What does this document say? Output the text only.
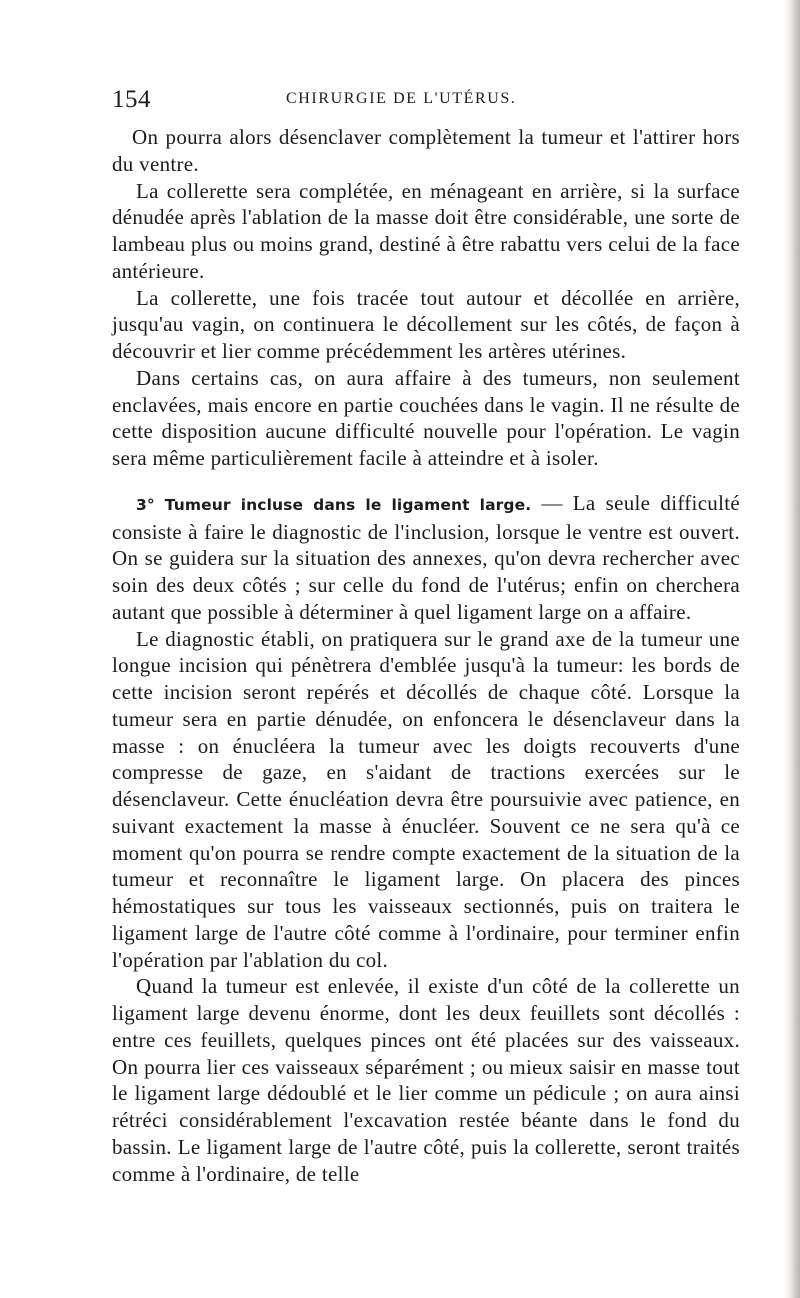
154	CHIRURGIE DE L'UTÉRUS.

On pourra alors désenclaver complètement la tumeur et l'attirer hors du ventre.

La collerette sera complétée, en ménageant en arrière, si la surface dénudée après l'ablation de la masse doit être considérable, une sorte de lambeau plus ou moins grand, destiné à être rabattu vers celui de la face antérieure.

La collerette, une fois tracée tout autour et décollée en arrière, jusqu'au vagin, on continuera le décollement sur les côtés, de façon à découvrir et lier comme précédemment les artères utérines.

Dans certains cas, on aura affaire à des tumeurs, non seulement enclavées, mais encore en partie couchées dans le vagin. Il ne résulte de cette disposition aucune difficulté nouvelle pour l'opération. Le vagin sera même particulièrement facile à atteindre et à isoler.

3° Tumeur incluse dans le ligament large. — La seule difficulté consiste à faire le diagnostic de l'inclusion, lorsque le ventre est ouvert. On se guidera sur la situation des annexes, qu'on devra rechercher avec soin des deux côtés ; sur celle du fond de l'utérus; enfin on cherchera autant que possible à déterminer à quel ligament large on a affaire.

Le diagnostic établi, on pratiquera sur le grand axe de la tumeur une longue incision qui pénètrera d'emblée jusqu'à la tumeur: les bords de cette incision seront repérés et décollés de chaque côté. Lorsque la tumeur sera en partie dénudée, on enfoncera le désenclaveur dans la masse : on énucléera la tumeur avec les doigts recouverts d'une compresse de gaze, en s'aidant de tractions exercées sur le désenclaveur. Cette énucléation devra être poursuivie avec patience, en suivant exactement la masse à énucléer. Souvent ce ne sera qu'à ce moment qu'on pourra se rendre compte exactement de la situation de la tumeur et reconnaître le ligament large. On placera des pinces hémostatiques sur tous les vaisseaux sectionnés, puis on traitera le ligament large de l'autre côté comme à l'ordinaire, pour terminer enfin l'opération par l'ablation du col.

Quand la tumeur est enlevée, il existe d'un côté de la collerette un ligament large devenu énorme, dont les deux feuillets sont décollés : entre ces feuillets, quelques pinces ont été placées sur des vaisseaux. On pourra lier ces vaisseaux séparément ; ou mieux saisir en masse tout le ligament large dédoublé et le lier comme un pédicule ; on aura ainsi rétréci considérablement l'excavation restée béante dans le fond du bassin. Le ligament large de l'autre côté, puis la collerette, seront traités comme à l'ordinaire, de telle
